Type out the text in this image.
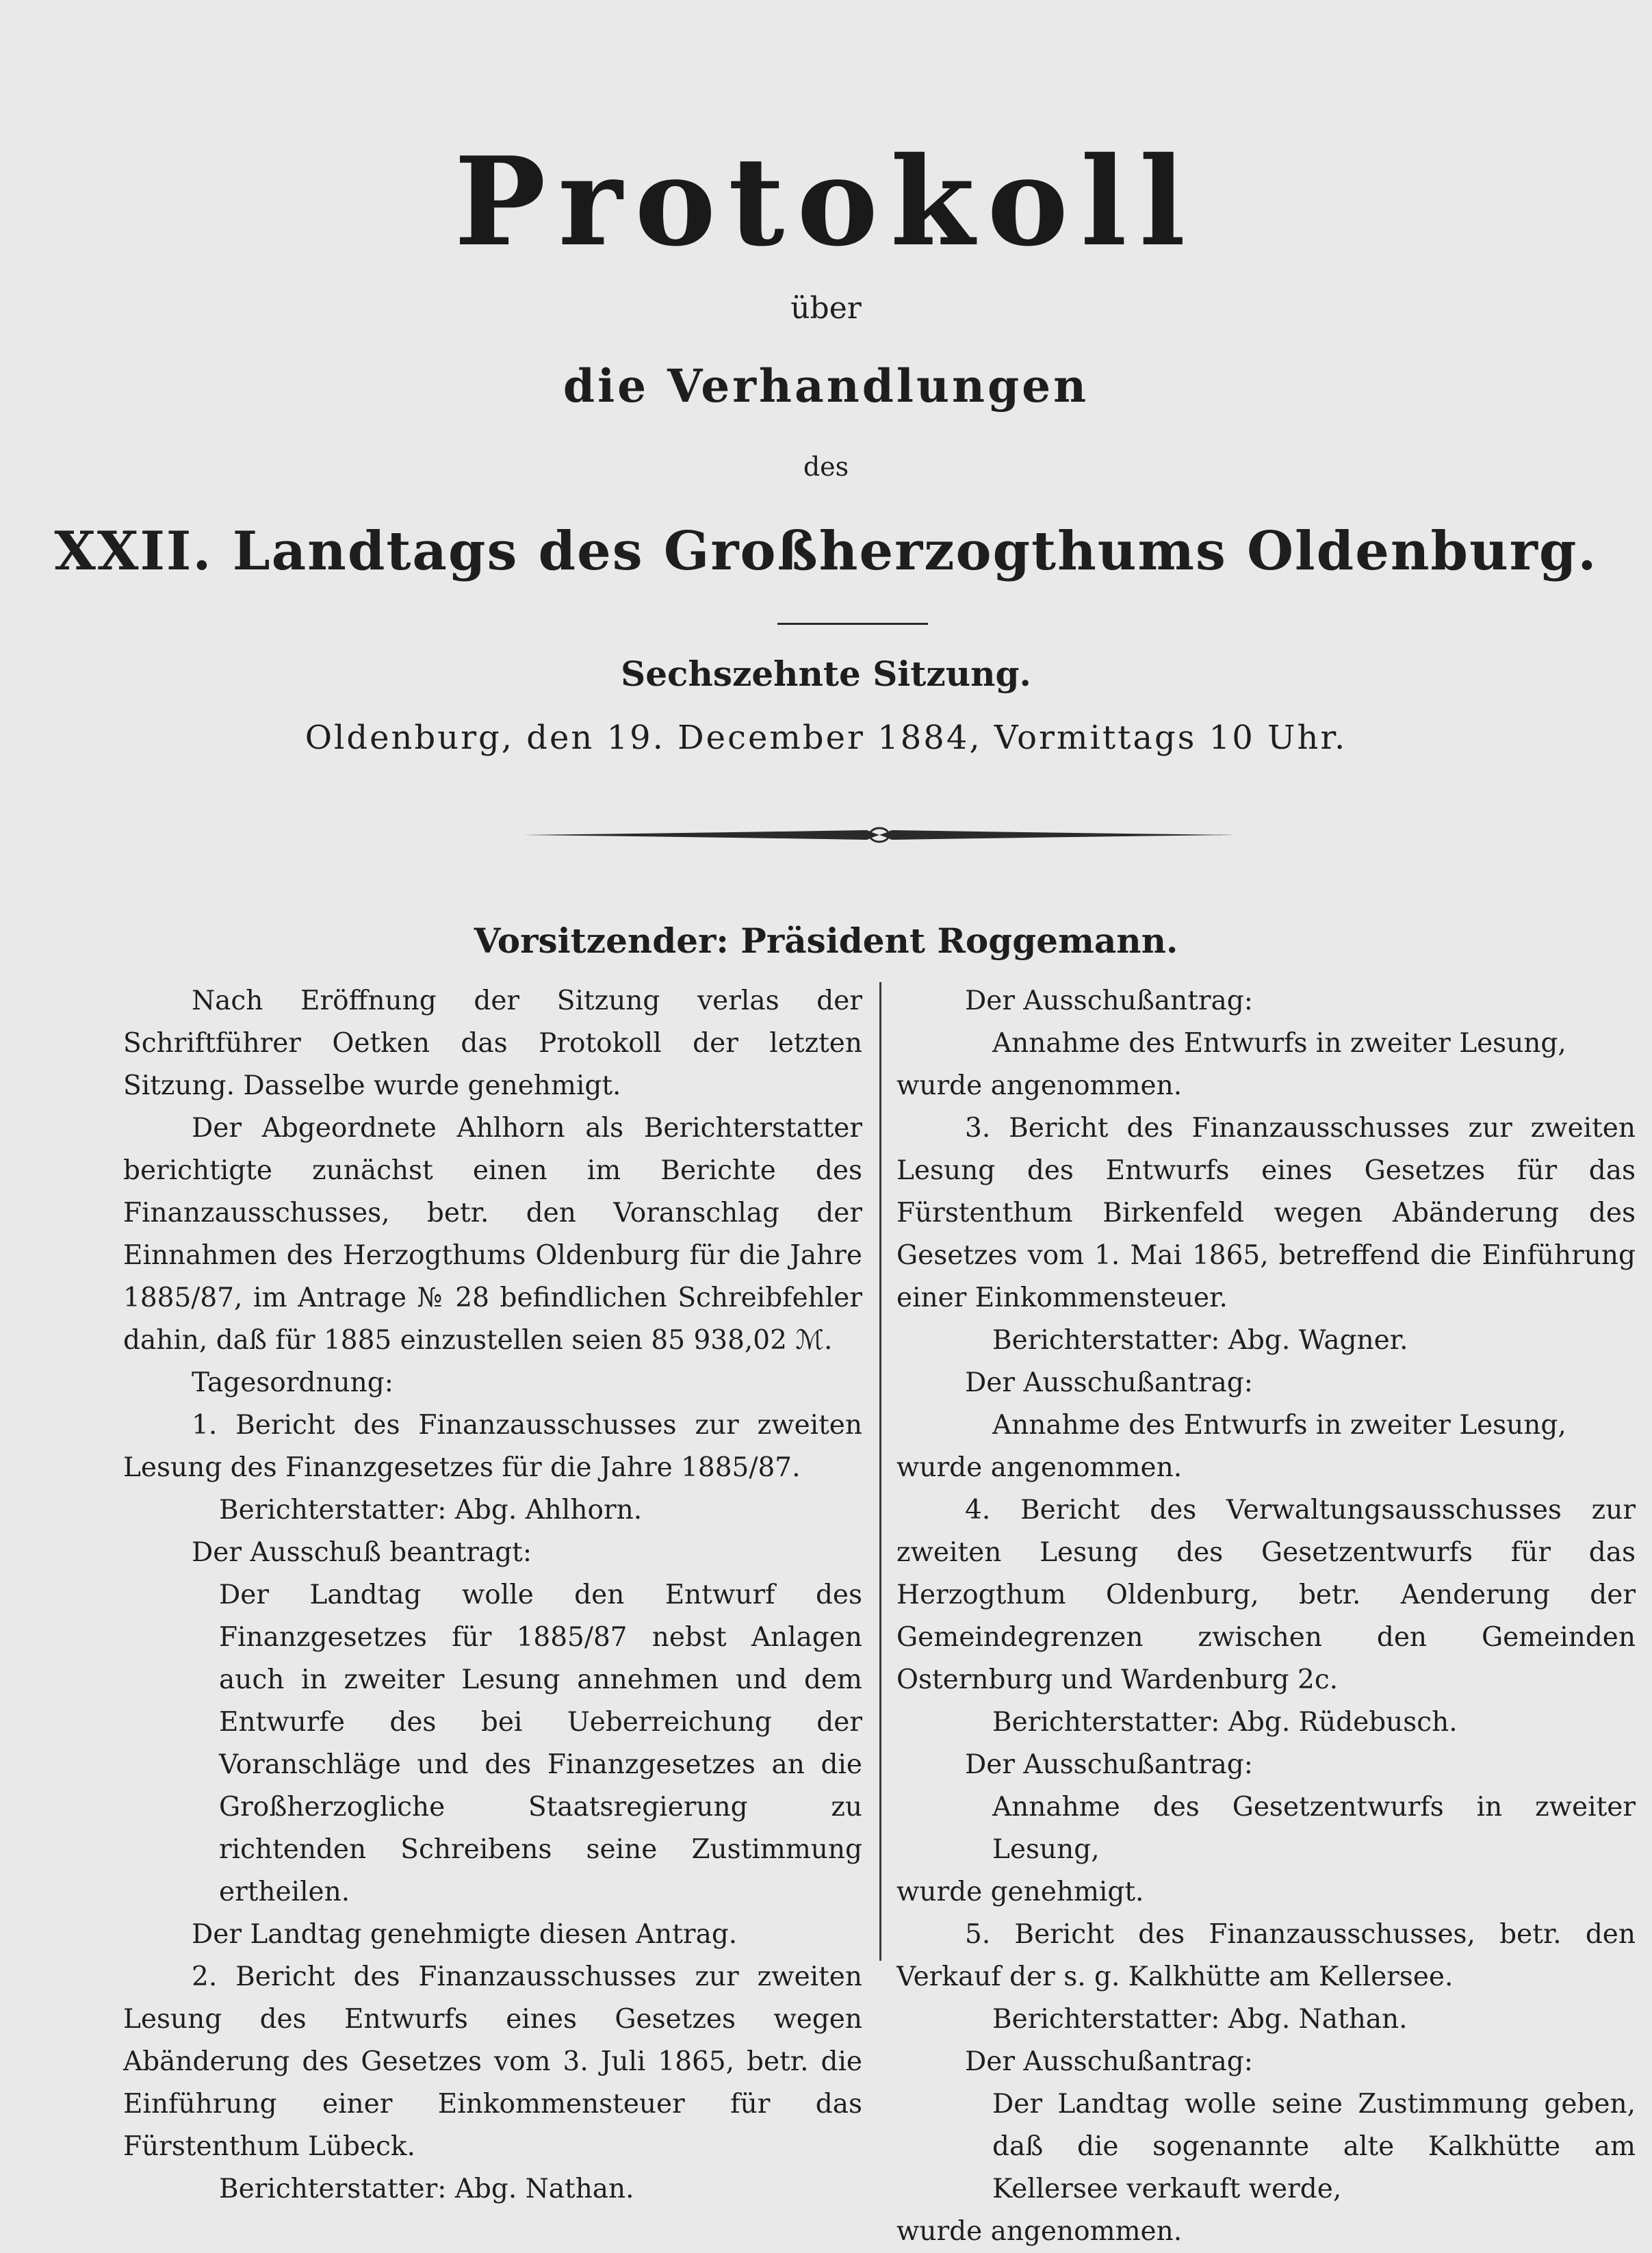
Protokoll
über
die Verhandlungen
des
XXII. Landtags des Großherzogthums Oldenburg.
Sechszehnte Sitzung.
Oldenburg, den 19. December 1884, Vormittags 10 Uhr.
Vorsitzender: Präsident Roggemann.

Nach Eröffnung der Sitzung verlas der Schriftführer Oetken das Protokoll der letzten Sitzung. Dasselbe wurde genehmigt.

Der Abgeordnete Ahlhorn als Berichterstatter berichtigte zunächst einen im Berichte des Finanzausschusses, betr. den Voranschlag der Einnahmen des Herzogthums Oldenburg für die Jahre 1885/87, im Antrage № 28 befindlichen Schreibfehler dahin, daß für 1885 einzustellen seien 85 938,02 ℳ.

Tagesordnung:

1. Bericht des Finanzausschusses zur zweiten Lesung des Finanzgesetzes für die Jahre 1885/87.

Berichterstatter: Abg. Ahlhorn.

Der Ausschuß beantragt:

Der Landtag wolle den Entwurf des Finanzgesetzes für 1885/87 nebst Anlagen auch in zweiter Lesung annehmen und dem Entwurfe des bei Ueberreichung der Voranschläge und des Finanzgesetzes an die Großherzogliche Staatsregierung zu richtenden Schreibens seine Zustimmung ertheilen.

Der Landtag genehmigte diesen Antrag.

2. Bericht des Finanzausschusses zur zweiten Lesung des Entwurfs eines Gesetzes wegen Abänderung des Gesetzes vom 3. Juli 1865, betr. die Einführung einer Einkommensteuer für das Fürstenthum Lübeck.

Berichterstatter: Abg. Nathan.

Der Ausschußantrag:

Annahme des Entwurfs in zweiter Lesung,

wurde angenommen.

3. Bericht des Finanzausschusses zur zweiten Lesung des Entwurfs eines Gesetzes für das Fürstenthum Birkenfeld wegen Abänderung des Gesetzes vom 1. Mai 1865, betreffend die Einführung einer Einkommensteuer.

Berichterstatter: Abg. Wagner.

Der Ausschußantrag:

Annahme des Entwurfs in zweiter Lesung,

wurde angenommen.

4. Bericht des Verwaltungsausschusses zur zweiten Lesung des Gesetzentwurfs für das Herzogthum Oldenburg, betr. Aenderung der Gemeindegrenzen zwischen den Gemeinden Osternburg und Wardenburg 2c.

Berichterstatter: Abg. Rüdebusch.

Der Ausschußantrag:

Annahme des Gesetzentwurfs in zweiter Lesung,

wurde genehmigt.

5. Bericht des Finanzausschusses, betr. den Verkauf der s. g. Kalkhütte am Kellersee.

Berichterstatter: Abg. Nathan.

Der Ausschußantrag:

Der Landtag wolle seine Zustimmung geben, daß die sogenannte alte Kalkhütte am Kellersee verkauft werde,

wurde angenommen.
